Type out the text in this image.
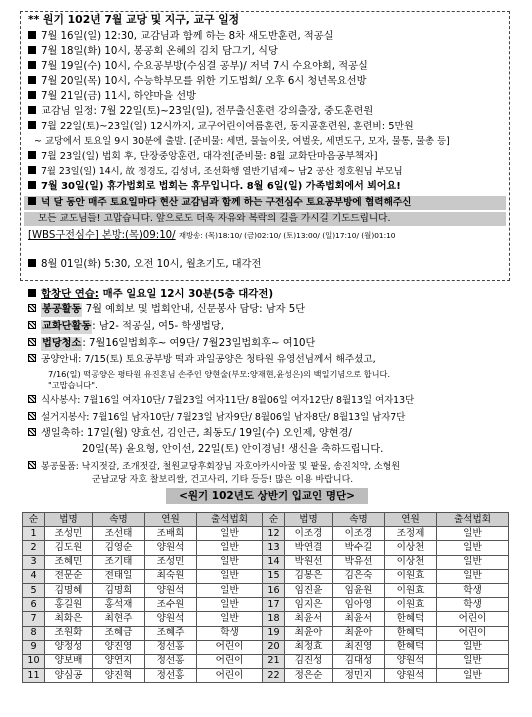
** 원기 102년 7월 교당 및 지구, 교구 일정
7월 16일(일) 12:30, 교감님과 함께 하는 8차 새도반훈련, 적공실
7월 18일(화) 10시, 봉공회 온혜의 김치 담그기, 식당
7월 19일(수) 10시, 수요공부방(수심결 공부)/ 저녁 7시 수요야회, 적공실
7월 20일(목) 10시, 수능학부모를 위한 기도법회/ 오후 6시 청년목요선방
7월 21일(금) 11시, 하얀마을 선방
교감님 일정: 7월 22일(토)~23일(일), 전무출신훈련 강의출장, 중도훈련원
7월 22일(토)~23일(일) 12시까지, 교구어린이여름훈련, 동지골훈련원, 훈련비: 5만원
~ 교당에서 토요일 9시 30분에 출발. [준비물: 세면, 물놀이옷, 여벌옷, 세면도구, 모자, 물통, 물총 등]
7월 23일(일) 법회 후, 단장중앙훈련, 대각전[준비물: 8월 교화단마음공부책자]
7월 23일(일) 14시, 故 정경도, 김성녀, 조선화행 열반기념제~ 남2 공산 정호원님 부모님
7월 30일(일) 휴가법회로 법회는 휴무입니다. 8월 6일(일) 가족법회에서 뵈어요!
넉 달 동안 매주 토요일마다 현산 교감님과 함께 하는 구전심수 토요공부방에 협력해주신
모든 교도님들! 고맙습니다. 앞으로도 더욱 자유와 복락의 길을 가시길 기도드립니다.
[WBS구전심수] 본방:(목)09:10/ 재방송: (목)18:10/ (금)02:10/ (토)13:00/ (일)17:10/ (월)01:10
8월 01일(화) 5:30, 오전 10시, 월초기도, 대각전
합창단 연습: 매주 일요일 12시 30분(5층 대각전)
봉공활동 7월 예회보 및 법회안내, 신문봉사 담당: 남자 5단
교화단활동: 남2- 적공실, 여5- 학생법당,
법당청소: 7월16일법회후~ 여9단/ 7월23일법회후~ 여10단
공양안내: 7/15(토) 토요공부방 떡과 과일공양은 청타원 유영선님께서 해주셨고,
7/16(일) 떡공양은 평타원 유진혼님 손주인 양현술(부모:양재현,윤성은)의 백일기념으로 합니다.
"고맙습니다".
식사봉사: 7월16일 여자10단/ 7월23일 여자11단/ 8월06일 여자12단/ 8월13일 여자13단
설거지봉사: 7월16일 남자10단/ 7월23일 남자9단/ 8월06일 남자8단/ 8월13일 남자7단
생일축하: 17일(월) 양효선, 김인근, 최동도/ 19일(수) 오인제, 양현경/
20일(목) 윤요형, 안이선, 22일(토) 안이경님! 생신을 축하드립니다.
봉공물품: 낙지젓갈, 조개젓갈, 철원교당후회장님 자호아카시아꿀 및 팥물, 송진치약, 소형원
군남교당 자호 찰보리쌀, 건고사리, 기타 등등! 많은 이용 바랍니다.
<원기 102년도 상반기 입교인 명단>
순	법명	속명	연원	출석법회	순	법명	속명	연원	출석법회
1	조성민	조선태	조배희	일반	12	이조경	이조경	조정제	일반
2	김도원	김영순	양원석	일반	13	박연결	박수길	이상천	일반
3	조혜민	조기태	조성민	일반	14	박원선	박유선	이상천	일반
4	전문순	전태일	최숙원	일반	15	김봉은	김은숙	이원효	일반
5	김명혜	김명희	양원석	일반	16	임진윤	임윤원	이원효	학생
6	홍길원	홍석재	조수원	일반	17	임지은	임아영	이원효	학생
7	최화은	최현주	양원석	일반	18	최윤서	최윤서	한혜덕	어린이
8	조원화	조혜금	조혜주	학생	19	최윤아	최윤아	한혜덕	어린이
9	양정성	양진영	정선홍	어린이	20	최정효	최진영	한혜덕	일반
10	양보배	양연지	정선홍	어린이	21	김진성	김대성	양원석	일반
11	양심공	양진혁	정선홍	어린이	22	정은순	정민지	양원석	일반
